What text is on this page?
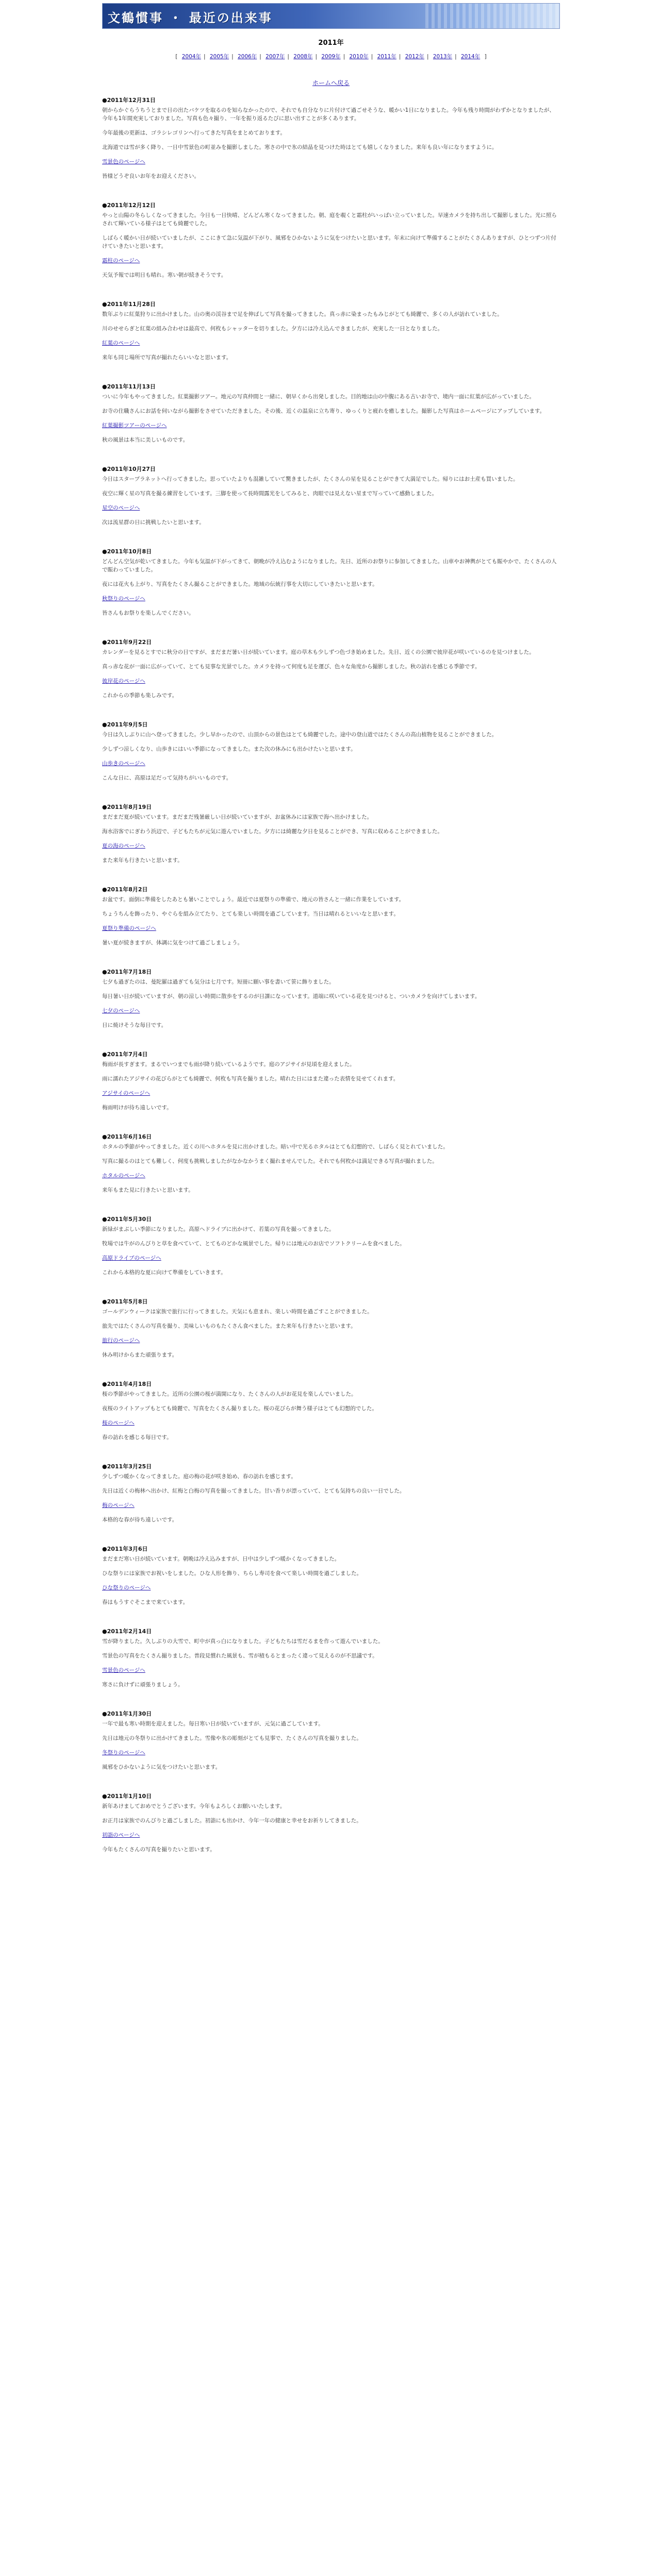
文鶴慣事 ・ 最近の出来事
2011年
[ 2004年 | 2005年 | 2006年 | 2007年 | 2008年 | 2009年 | 2010年 | 2011年 | 2012年 | 2013年 | 2014年 ]
ホームへ戻る
●2011年12月31日

朝からかぐらうちうとまで日の出たバケツを取るのを知らなかったので、それでも自分なりに片付けて過ごせそうな、暖かい1日になりました。今年も残り時間がわずかとなりましたが、今年も1年間充実しておりました。写真も色々撮り、一年を振り返るたびに思い出すことが多くあります。

今年最後の更新は、ゴラシレゴリンヘ行ってきた写真をまとめております。

北海道では雪が多く降り、一日中雪景色の町並みを撮影しました。寒さの中で氷の結晶を見つけた時はとても嬉しくなりました。来年も良い年になりますように。

雪景色のページへ

皆様どうぞ良いお年をお迎えください。
●2011年12月12日

やっと山陽の冬らしくなってきました。今日も一日快晴、どんどん寒くなってきました。朝、庭を覗くと霜柱がいっぱい立っていました。早速カメラを持ち出して撮影しました。光に照らされて輝いている様子はとても綺麗でした。

しばらく暖かい日が続いていましたが、ここにきて急に気温が下がり、風邪をひかないように気をつけたいと思います。年末に向けて準備することがたくさんありますが、ひとつずつ片付けていきたいと思います。

霜柱のページへ

天気予報では明日も晴れ。寒い朝が続きそうです。
●2011年11月28日

数年ぶりに紅葉狩りに出かけました。山の奥の渓谷まで足を伸ばして写真を撮ってきました。真っ赤に染まったもみじがとても綺麗で、多くの人が訪れていました。

川のせせらぎと紅葉の組み合わせは最高で、何枚もシャッターを切りました。夕方には冷え込んできましたが、充実した一日となりました。

紅葉のページへ

来年も同じ場所で写真が撮れたらいいなと思います。
●2011年11月13日

ついに今年もやってきました。紅葉撮影ツアー。地元の写真仲間と一緒に、朝早くから出発しました。目的地は山の中腹にある古いお寺で、境内一面に紅葉が広がっていました。

お寺の住職さんにお話を伺いながら撮影をさせていただきました。その後、近くの温泉に立ち寄り、ゆっくりと疲れを癒しました。撮影した写真はホームページにアップしています。

紅葉撮影ツアーのページへ

秋の風景は本当に美しいものです。
●2011年10月27日

今日はスタープラネットへ行ってきました。思っていたよりも混雑していて驚きましたが、たくさんの星を見ることができて大満足でした。帰りにはお土産も買いました。

夜空に輝く星の写真を撮る練習をしています。三脚を使って長時間露光をしてみると、肉眼では見えない星まで写っていて感動しました。

星空のページへ

次は流星群の日に挑戦したいと思います。
●2011年10月8日

どんどん空気が乾いてきました。今年も気温が下がってきて、朝晩が冷え込むようになりました。先日、近所のお祭りに参加してきました。山車やお神輿がとても賑やかで、たくさんの人で賑わっていました。

夜には花火も上がり、写真をたくさん撮ることができました。地域の伝統行事を大切にしていきたいと思います。

秋祭りのページへ

皆さんもお祭りを楽しんでください。
●2011年9月22日

カレンダーを見るとすでに秋分の日ですが、まだまだ暑い日が続いています。庭の草木も少しずつ色づき始めました。先日、近くの公園で彼岸花が咲いているのを見つけました。

真っ赤な花が一面に広がっていて、とても見事な光景でした。カメラを持って何度も足を運び、色々な角度から撮影しました。秋の訪れを感じる季節です。

彼岸花のページへ

これからの季節も楽しみです。
●2011年9月5日

今日は久しぶりに山へ登ってきました。少し早かったので、山頂からの景色はとても綺麗でした。途中の登山道ではたくさんの高山植物を見ることができました。

少しずつ涼しくなり、山歩きにはいい季節になってきました。また次の休みにも出かけたいと思います。

山歩きのページへ

こんな日に、高原は足だって気持ちがいいものです。
●2011年8月19日

まだまだ夏が続いています。まだまだ残暑厳しい日が続いていますが、お盆休みには家族で海へ出かけました。

海水浴客でにぎわう浜辺で、子どもたちが元気に遊んでいました。夕方には綺麗な夕日を見ることができ、写真に収めることができました。

夏の海のページへ

また来年も行きたいと思います。
●2011年8月2日

お盆です。面倒に準備をしたあとも暑いことでしょう。最近では夏祭りの準備で、地元の皆さんと一緒に作業をしています。

ちょうちんを飾ったり、やぐらを組み立てたり、とても楽しい時間を過ごしています。当日は晴れるといいなと思います。

夏祭り準備のページへ

暑い夏が続きますが、体調に気をつけて過ごしましょう。
●2011年7月18日

七夕も過ぎたのは、曼陀羅は過ぎても気分は七月です。短冊に願い事を書いて笹に飾りました。

毎日暑い日が続いていますが、朝の涼しい時間に散歩をするのが日課になっています。道端に咲いている花を見つけると、ついカメラを向けてしまいます。

七夕のページへ

日に焼けそうな毎日です。
●2011年7月4日

梅雨が長すぎます。まるでいつまでも雨が降り続いているようです。庭のアジサイが見頃を迎えました。

雨に濡れたアジサイの花びらがとても綺麗で、何枚も写真を撮りました。晴れた日にはまた違った表情を見せてくれます。

アジサイのページへ

梅雨明けが待ち遠しいです。
●2011年6月16日

ホタルの季節がやってきました。近くの川へホタルを見に出かけました。暗い中で光るホタルはとても幻想的で、しばらく見とれていました。

写真に撮るのはとても難しく、何度も挑戦しましたがなかなかうまく撮れませんでした。それでも何枚かは満足できる写真が撮れました。

ホタルのページへ

来年もまた見に行きたいと思います。
●2011年5月30日

新緑がまぶしい季節になりました。高原へドライブに出かけて、若葉の写真を撮ってきました。

牧場では牛がのんびりと草を食べていて、とてものどかな風景でした。帰りには地元のお店でソフトクリームを食べました。

高原ドライブのページへ

これから本格的な夏に向けて準備をしていきます。
●2011年5月8日

ゴールデンウィークは家族で旅行に行ってきました。天気にも恵まれ、楽しい時間を過ごすことができました。

旅先ではたくさんの写真を撮り、美味しいものもたくさん食べました。また来年も行きたいと思います。

旅行のページへ

休み明けからまた頑張ります。
●2011年4月18日

桜の季節がやってきました。近所の公園の桜が満開になり、たくさんの人がお花見を楽しんでいました。

夜桜のライトアップもとても綺麗で、写真をたくさん撮りました。桜の花びらが舞う様子はとても幻想的でした。

桜のページへ

春の訪れを感じる毎日です。
●2011年3月25日

少しずつ暖かくなってきました。庭の梅の花が咲き始め、春の訪れを感じます。

先日は近くの梅林へ出かけ、紅梅と白梅の写真を撮ってきました。甘い香りが漂っていて、とても気持ちの良い一日でした。

梅のページへ

本格的な春が待ち遠しいです。
●2011年3月6日

まだまだ寒い日が続いています。朝晩は冷え込みますが、日中は少しずつ暖かくなってきました。

ひな祭りには家族でお祝いをしました。ひな人形を飾り、ちらし寿司を食べて楽しい時間を過ごしました。

ひな祭りのページへ

春はもうすぐそこまで来ています。
●2011年2月14日

雪が降りました。久しぶりの大雪で、町中が真っ白になりました。子どもたちは雪だるまを作って遊んでいました。

雪景色の写真をたくさん撮りました。普段見慣れた風景も、雪が積もるとまったく違って見えるのが不思議です。

雪景色のページへ

寒さに負けずに頑張りましょう。
●2011年1月30日

一年で最も寒い時期を迎えました。毎日寒い日が続いていますが、元気に過ごしています。

先日は地元の冬祭りに出かけてきました。雪像や氷の彫刻がとても見事で、たくさんの写真を撮りました。

冬祭りのページへ

風邪をひかないように気をつけたいと思います。
●2011年1月10日

新年あけましておめでとうございます。今年もよろしくお願いいたします。

お正月は家族でのんびりと過ごしました。初詣にも出かけ、今年一年の健康と幸せをお祈りしてきました。

初詣のページへ

今年もたくさんの写真を撮りたいと思います。
